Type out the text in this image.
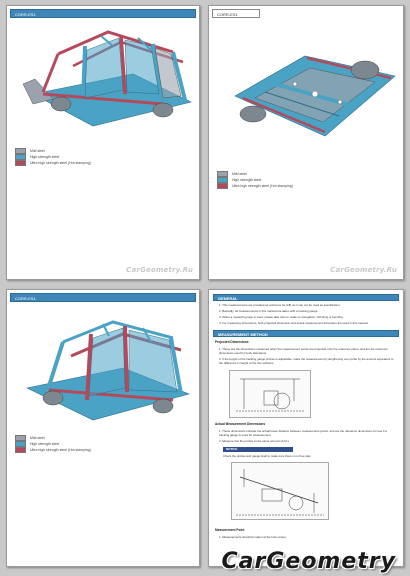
CORR-ES1
Mild steel
High strength steel
Ultra high strength steel (Hot stamping)
CarGeometry.Ru
CORR-ES1
Mild steel
High strength steel
Ultra high strength steel (Hot stamping)
CarGeometry.Ru
CORR-ES1
Mild steel
High strength steel
Ultra high strength steel (Hot stamping)
GENERAL
1. This measurements are provided as reference for A/B, as it can not be used as specification.
2. Basically, all measurements in this manual are taken with a tracking gauge.
3. When a measuring tape is used, please take care to make no elongation, shrinking or bending.
4. For measuring dimensions, both projected dimension and actual measurement dimension are used in this manual.
MEASUREMENT METHOD
Projected Dimensions
1. These are the dimensions measured when the measurement points are projected onto the reference plane, and are the reference dimensions used for body alterations.
2. If the length of the tracking gauge probes is adjustable, make the measurement by lengthening one probe by the amount equivalent to the difference in height of the two surfaces.
Actual Measurement Dimensions
1. These dimensions indicate the actual linear distance between measurement points, and are the reference dimensions for use if a tracking gauge is used for measurement.
2. Measure first the probes to the same amount (A=A').
NOTICE
Check the probes and gauge itself to make sure there is no free play.
Measurement Point
1. Measurements should be taken at the hole center.
CarGeometry
